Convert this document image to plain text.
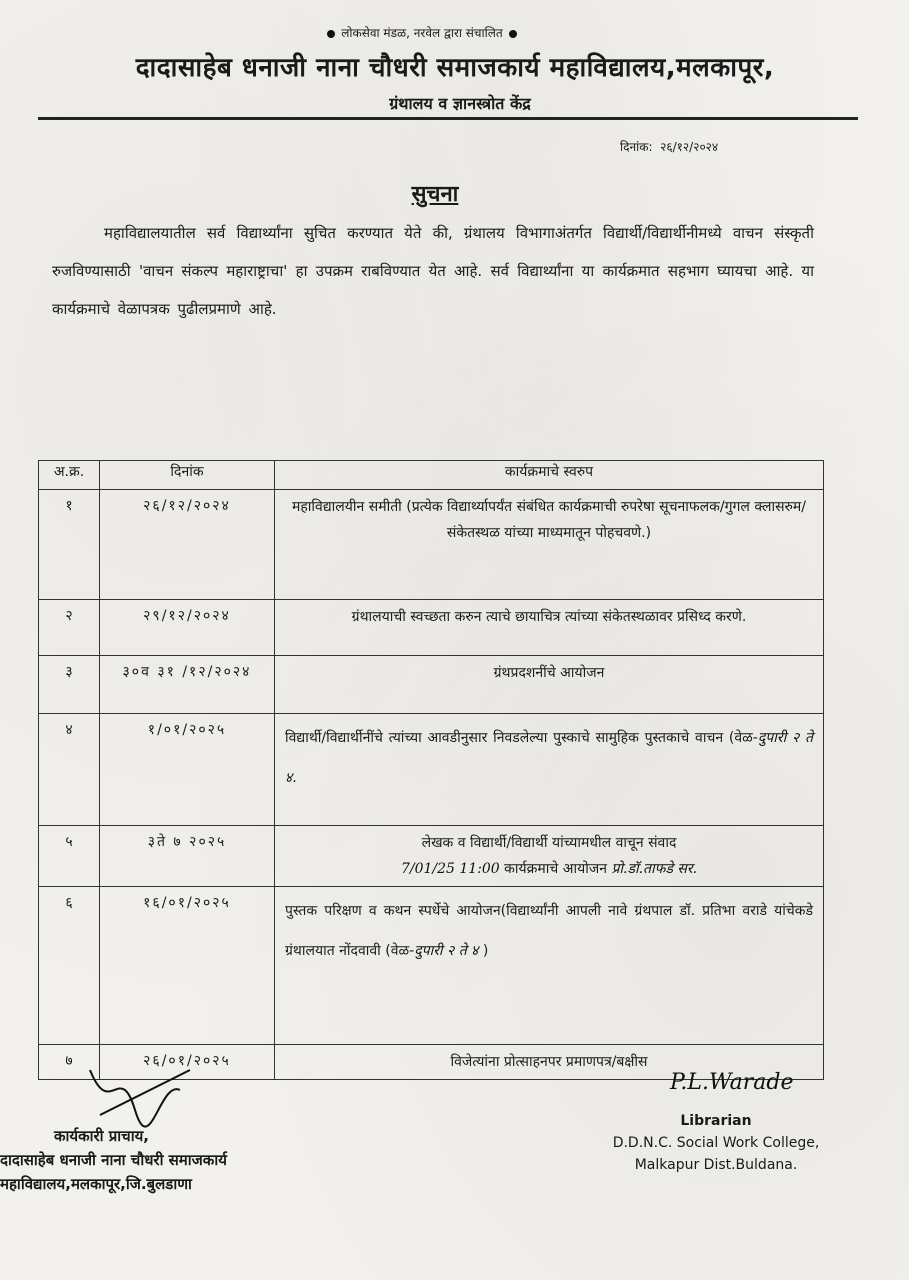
लोकसेवा मंडळ, नरवेल द्वारा संचालित
दादासाहेब धनाजी नाना चौधरी समाजकार्य महाविद्यालय,मलकापूर,
ग्रंथालय व ज्ञानस्त्रोत केंद्र
दिनांक: २६/१२/२०२४
सुचना
महाविद्यालयातील सर्व विद्यार्थ्यांना सुचित करण्यात येते की, ग्रंथालय विभागाअंतर्गत विद्यार्थी/विद्यार्थीनीमध्ये वाचन संस्कृती रुजविण्यासाठी 'वाचन संकल्प महाराष्ट्राचा' हा उपक्रम राबविण्यात येत आहे. सर्व विद्यार्थ्यांना या कार्यक्रमात सहभाग घ्यायचा आहे. या कार्यक्रमाचे वेळापत्रक पुढीलप्रमाणे आहे.
अ.क्र.	दिनांक	कार्यक्रमाचे स्वरुप
१	२६/१२/२०२४	महाविद्यालयीन समीती (प्रत्येक विद्यार्थ्यापर्यंत संबंधित कार्यक्रमाची रुपरेषा सूचनाफलक/गुगल क्लासरुम/संकेतस्थळ यांच्या माध्यमातून पोहचवणे.)
२	२९/१२/२०२४	ग्रंथालयाची स्वच्छता करुन त्याचे छायाचित्र त्यांच्या संकेतस्थळावर प्रसिध्द करणे.
३	३०व ३१ /१२/२०२४	ग्रंथप्रदशनींचे आयोजन
४	१/०१/२०२५	विद्यार्थी/विद्यार्थीनींचे त्यांच्या आवडीनुसार निवडलेल्या पुस्काचे सामुहिक पुस्तकाचे वाचन (वेळ-दुपारी २ ते ४.
५	३ते ७ २०२५	लेखक व विद्यार्थी/विद्यार्थी यांच्यामधील वाचून संवाद
7/01/25 11:00 कार्यक्रमाचे आयोजन प्रो.डॉ.ताफडे सर.

६	१६/०१/२०२५	पुस्तक परिक्षण व कथन स्पर्धेचे आयोजन(विद्यार्थ्यांनी आपली नावे ग्रंथपाल डॉ. प्रतिभा वराडे यांचेकडे ग्रंथालयात नोंदवावी (वेळ-दुपारी २ ते ४ )
७	२६/०१/२०२५	विजेत्यांना प्रोत्साहनपर प्रमाणपत्र/बक्षीस
कार्यकारी प्राचाय,
दादासाहेब धनाजी नाना चौधरी समाजकार्य
महाविद्यालय,मलकापूर,जि.बुलडाणा
P.L.Warade
Librarian
D.D.N.C. Social Work College,
Malkapur Dist.Buldana.
